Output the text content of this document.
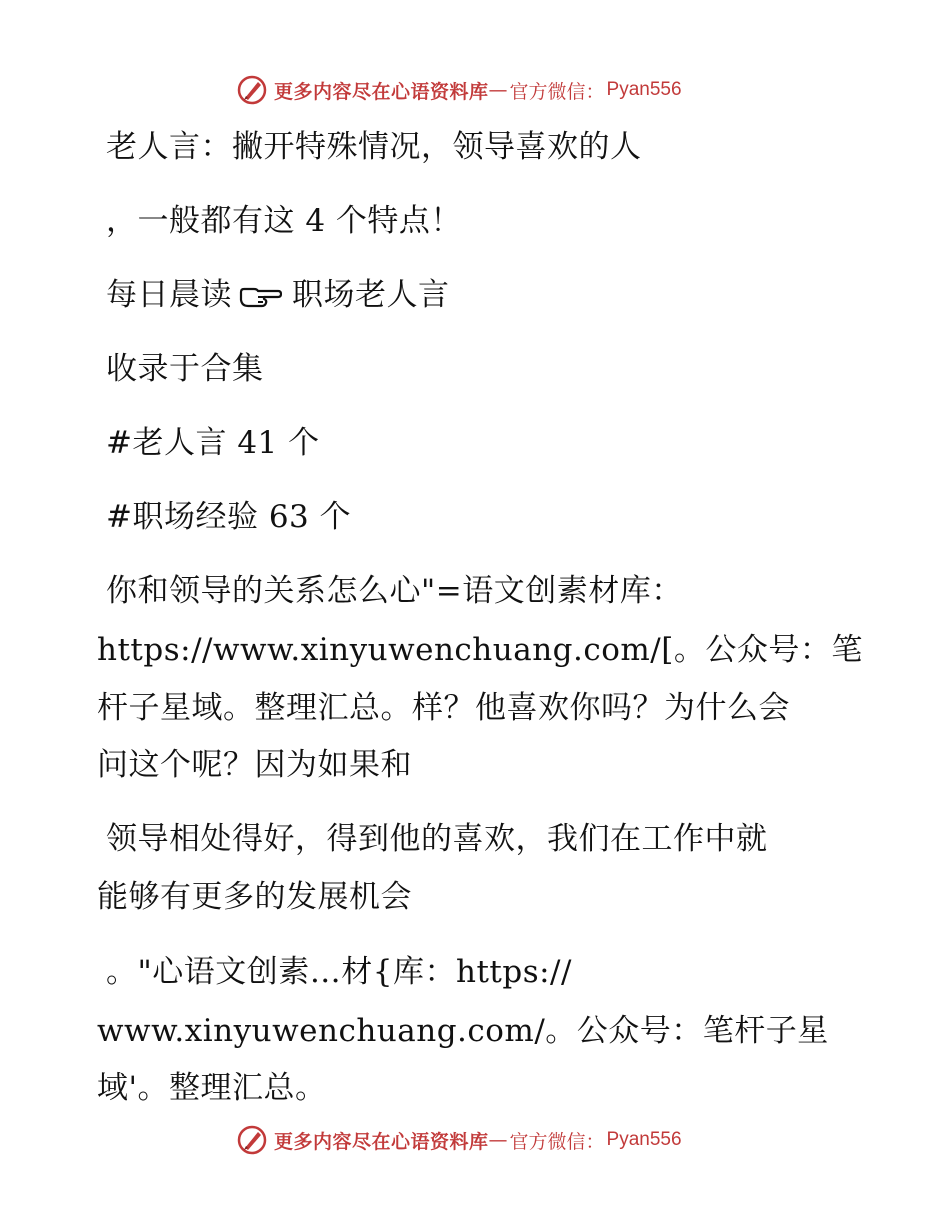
更多内容尽在心语资料库 — 官方微信： Pyan556
老人言：撇开特殊情况，领导喜欢的人
，一般都有这 4 个特点！
每日晨读 职场老人言
收录于合集
#老人言 41 个
#职场经验 63 个
你和领导的关系怎么心"=语文创素材库：
https://www.xinyuwenchuang.com/[。公众号：笔
杆子星域。整理汇总。样？他喜欢你吗？为什么会
问这个呢？因为如果和
领导相处得好，得到他的喜欢，我们在工作中就
能够有更多的发展机会
。"心语文创素…材{库：https://
www.xinyuwenchuang.com/。公众号：笔杆子星
域'。整理汇总。
更多内容尽在心语资料库 — 官方微信： Pyan556
